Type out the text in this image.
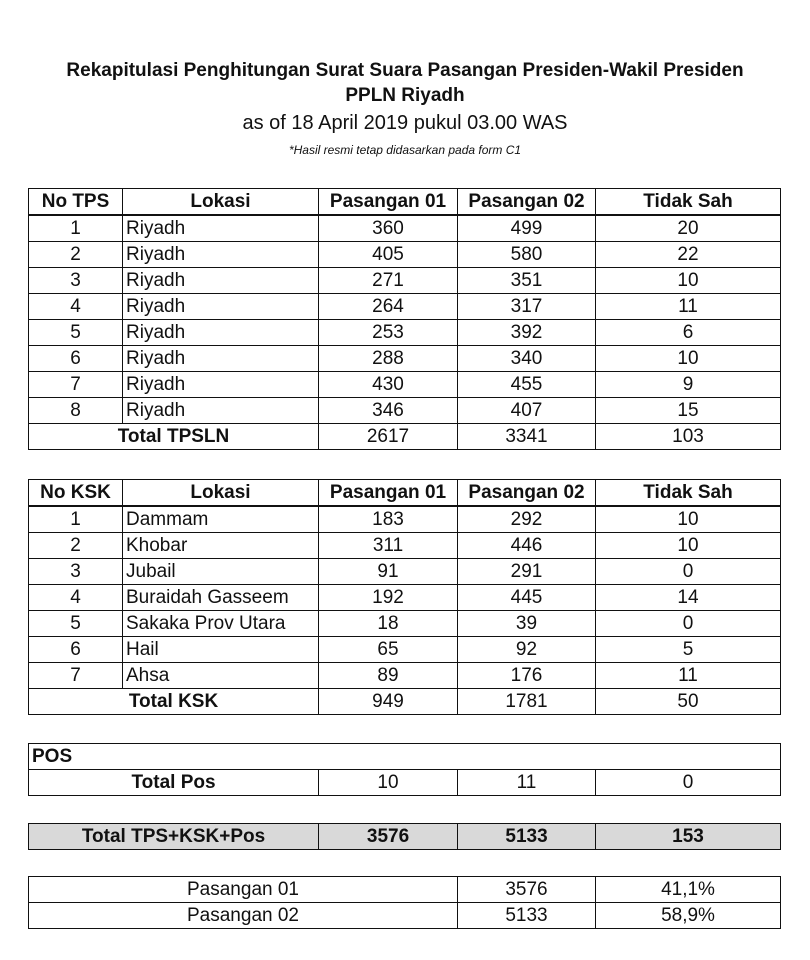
Rekapitulasi Penghitungan Surat Suara Pasangan Presiden-Wakil Presiden
PPLN Riyadh
as of 18 April 2019 pukul 03.00 WAS
*Hasil resmi tetap didasarkan pada form C1
No TPS	Lokasi	Pasangan 01	Pasangan 02	Tidak Sah
1	Riyadh	360	499	20
2	Riyadh	405	580	22
3	Riyadh	271	351	10
4	Riyadh	264	317	11
5	Riyadh	253	392	6
6	Riyadh	288	340	10
7	Riyadh	430	455	9
8	Riyadh	346	407	15
Total TPSLN		2617	3341	103
No KSK	Lokasi	Pasangan 01	Pasangan 02	Tidak Sah
1	Dammam	183	292	10
2	Khobar	311	446	10
3	Jubail	91	291	0
4	Buraidah Gasseem	192	445	14
5	Sakaka Prov Utara	18	39	0
6	Hail	65	92	5
7	Ahsa	89	176	11
Total KSK		949	1781	50
POS
Total Pos	10	11	0
Total TPS+KSK+Pos	3576	5133	153
Pasangan 01	3576	41,1%
Pasangan 02	5133	58,9%
